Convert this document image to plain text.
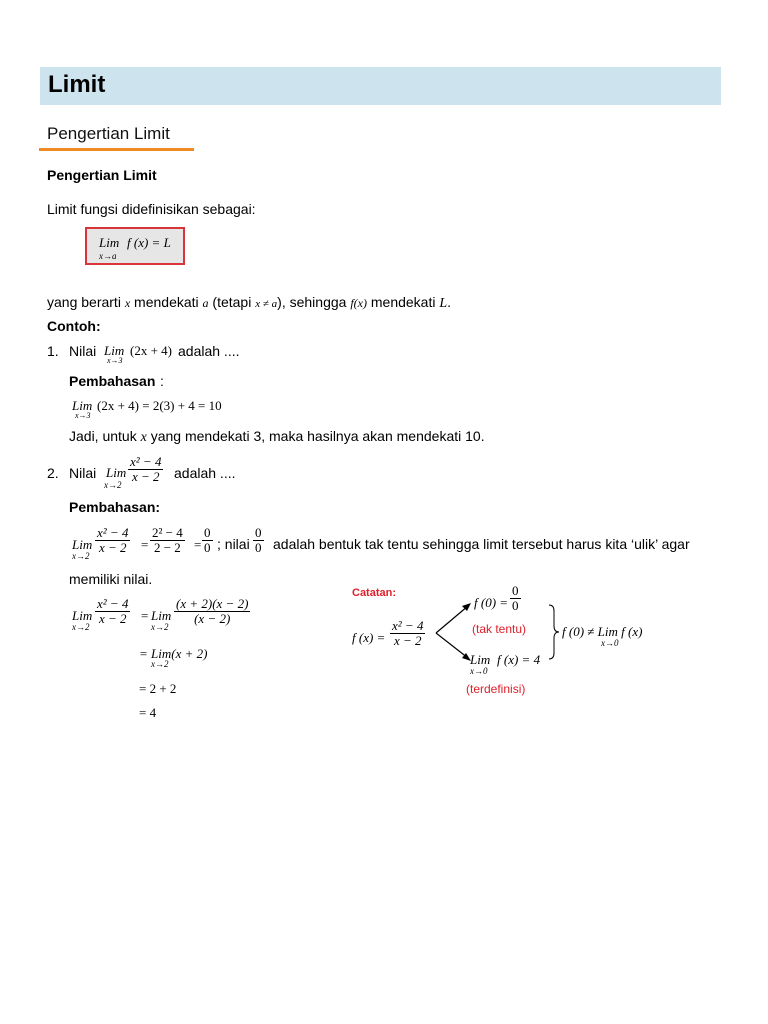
Limit
Pengertian Limit
Pengertian Limit
Limit fungsi didefinisikan sebagai:
Lim f (x) = L
x→a
yang berarti x mendekati a (tetapi x ≠ a), sehingga f(x) mendekati L.
Contoh:
1. Nilai Lim
x→3
(2x + 4) adalah ....
Pembahasan :
Lim
x→3
(2x + 4) = 2(3) + 4 = 10
Jadi, untuk x yang mendekati 3, maka hasilnya akan mendekati 10.
2. Nilai Lim
x→2
$\frac{\text{x² − 4}}{x - 2}$ adalah ....
Pembahasan:
Lim
x→2
$\frac{\text{x² − 4}}{x - 2} = \frac{\text{2² − 4}}{2 - 2} = \frac{0}{0}$ ; nilai $\frac{0}{0}$ adalah bentuk tak tentu sehingga limit tersebut harus kita ‘ulik’ agar
memiliki nilai.
Lim
x→2
$\frac{\text{x² − 4}}{x - 2}$ = Lim
x→2
$\frac{(x + 2)(x - 2)}{(x - 2)}$
= Lim(x + 2)
x→2
= 2 + 2
= 4
Catatan:
f $(x) = \frac{\text{x² − 4}}{x - 2}$
f $(0) = \frac{0}{0}$
(tak tentu)
Lim f (x) = 4
x→0
(terdefinisi)
f (0) ≠ Lim f (x)
x→0
